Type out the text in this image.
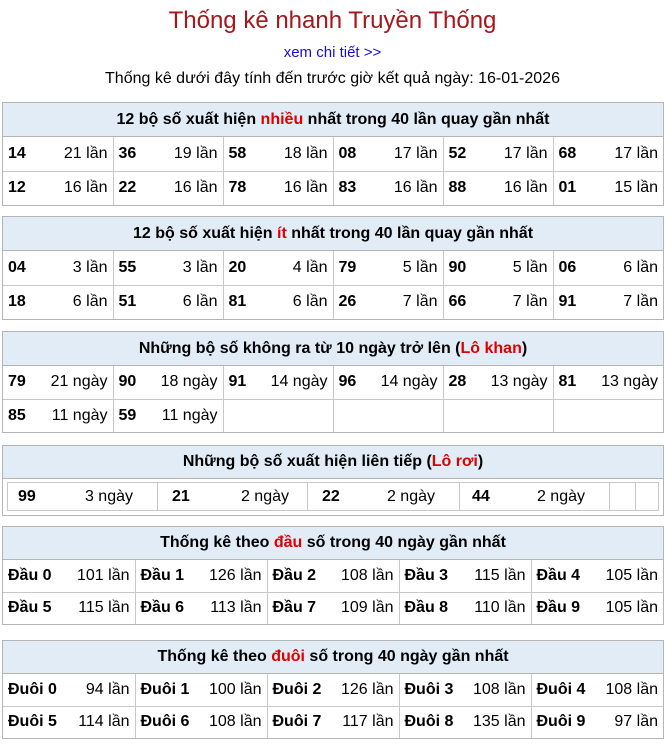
Thống kê nhanh Truyền Thống
xem chi tiết >>
Thống kê dưới đây tính đến trước giờ kết quả ngày: 16-01-2026
12 bộ số xuất hiện nhiều nhất trong 40 lần quay gần nhất
14 21 lần	36 19 lần	58 18 lần	08 17 lần	52 17 lần	68 17 lần

12 16 lần	22 16 lần	78 16 lần	83 16 lần	88 16 lần	01 15 lần
12 bộ số xuất hiện ít nhất trong 40 lần quay gần nhất
04 3 lần	55 3 lần	20 4 lần	79 5 lần	90 5 lần	06 6 lần

18 6 lần	51 6 lần	81 6 lần	26 7 lần	66 7 lần	91 7 lần
Những bộ số không ra từ 10 ngày trở lên (Lô khan)
79 21 ngày	90 18 ngày	91 14 ngày	96 14 ngày	28 13 ngày	81 13 ngày

85 11 ngày	59 11 ngày				

Những bộ số xuất hiện liên tiếp (Lô rơi)
99	3 ngày	21	2 ngày	22	2 ngày	44	2 ngày

Thống kê theo đầu số trong 40 ngày gần nhất
Đầu 0 101 lần	Đầu 1 126 lần	Đầu 2 108 lần	Đầu 3 115 lần	Đầu 4 105 lần

Đầu 5 115 lần	Đầu 6 113 lần	Đầu 7 109 lần	Đầu 8 110 lần	Đầu 9 105 lần
Thống kê theo đuôi số trong 40 ngày gần nhất
Đuôi 0 94 lần	Đuôi 1 100 lần	Đuôi 2 126 lần	Đuôi 3 108 lần	Đuôi 4 108 lần

Đuôi 5 114 lần	Đuôi 6 108 lần	Đuôi 7 117 lần	Đuôi 8 135 lần	Đuôi 9 97 lần
